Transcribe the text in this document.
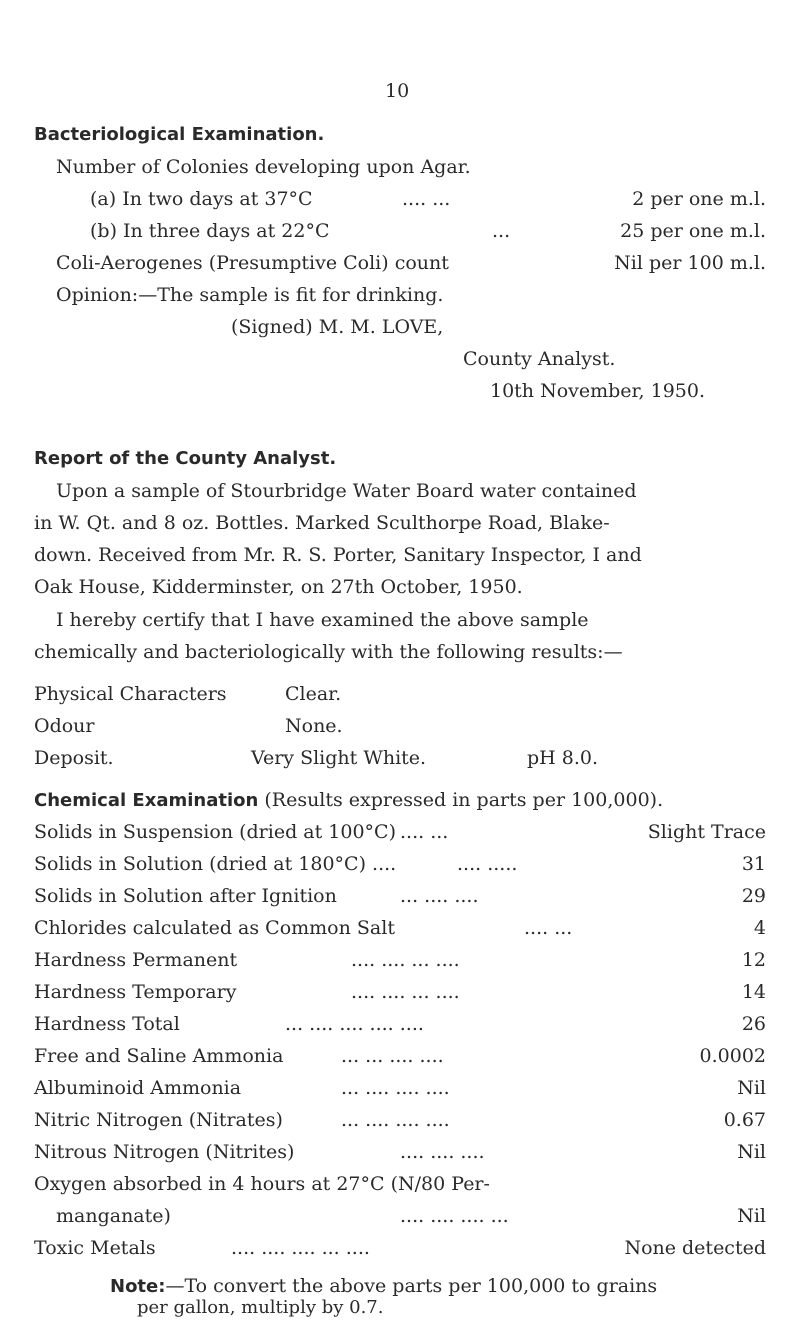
10
Bacteriological Examination.
Number of Colonies developing upon Agar.
(a) In two days at 37°C	.... ...	2 per one m.l.
(b) In three days at 22°C	...	25 per one m.l.
Coli-Aerogenes (Presumptive Coli) count	Nil per 100 m.l.
Opinion:—The sample is fit for drinking.
(Signed) M. M. LOVE,
County Analyst.
10th November, 1950.
Report of the County Analyst.
Upon a sample of Stourbridge Water Board water contained
in W. Qt. and 8 oz. Bottles. Marked Sculthorpe Road, Blake-
down. Received from Mr. R. S. Porter, Sanitary Inspector, I and
Oak House, Kidderminster, on 27th October, 1950.
I hereby certify that I have examined the above sample
chemically and bacteriologically with the following results:—
Physical Characters	Clear.
Odour	None.
Deposit.	Very Slight White.	pH 8.0.
Chemical Examination (Results expressed in parts per 100,000).
Solids in Suspension (dried at 100°C) .... ...	Slight Trace
Solids in Solution (dried at 180°C) ....	.... .....	31
Solids in Solution after Ignition	... .... ....	29
Chlorides calculated as Common Salt	.... ...	4
Hardness Permanent	.... .... ... ....	12
Hardness Temporary	.... .... ... ....	14
Hardness Total	... .... .... .... ....	26
Free and Saline Ammonia	... ... .... ....	0.0002
Albuminoid Ammonia	... .... .... ....	Nil
Nitric Nitrogen (Nitrates)	... .... .... ....	0.67
Nitrous Nitrogen (Nitrites)	.... .... ....	Nil
Oxygen absorbed in 4 hours at 27°C (N/80 Per-
manganate)	.... .... .... ...	Nil
Toxic Metals	.... .... .... ... ....	None detected
Note:—To convert the above parts per 100,000 to grains
per gallon, multiply by 0.7.
